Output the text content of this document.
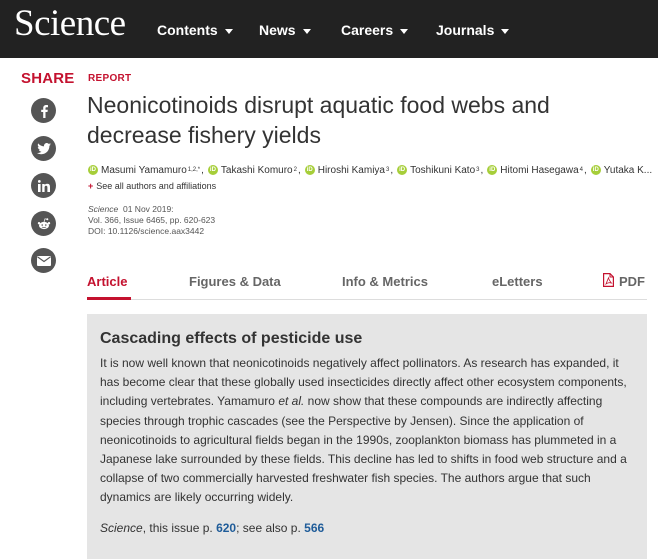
Science Contents	News	Careers	Journals
SHARE REPORT
Neonicotinoids disrupt aquatic food webs and decrease fishery yields
iD Masumi Yamamuro 1,2,* ,	iD Takashi Komuro 2 ,	iD Hiroshi Kamiya 3 ,	iD Toshikuni Kato 3 ,	iD Hitomi Hasegawa 4 ,	iD Yutaka K...
+ See all authors and affiliations
Science 01 Nov 2019:
Vol. 366, Issue 6465, pp. 620-623
DOI: 10.1126/science.aax3442
Article	Figures & Data	Info & Metrics	eLetters	PDF
Cascading effects of pesticide use

It is now well known that neonicotinoids negatively affect pollinators. As research has expanded, it has become clear that these globally used insecticides directly affect other ecosystem components, including vertebrates. Yamamuro et al. now show that these compounds are indirectly affecting species through trophic cascades (see the Perspective by Jensen). Since the application of neonicotinoids to agricultural fields began in the 1990s, zooplankton biomass has plummeted in a Japanese lake surrounded by these fields. This decline has led to shifts in food web structure and a collapse of two commercially harvested freshwater fish species. The authors argue that such dynamics are likely occurring widely.

Science, this issue p. 620; see also p. 566
